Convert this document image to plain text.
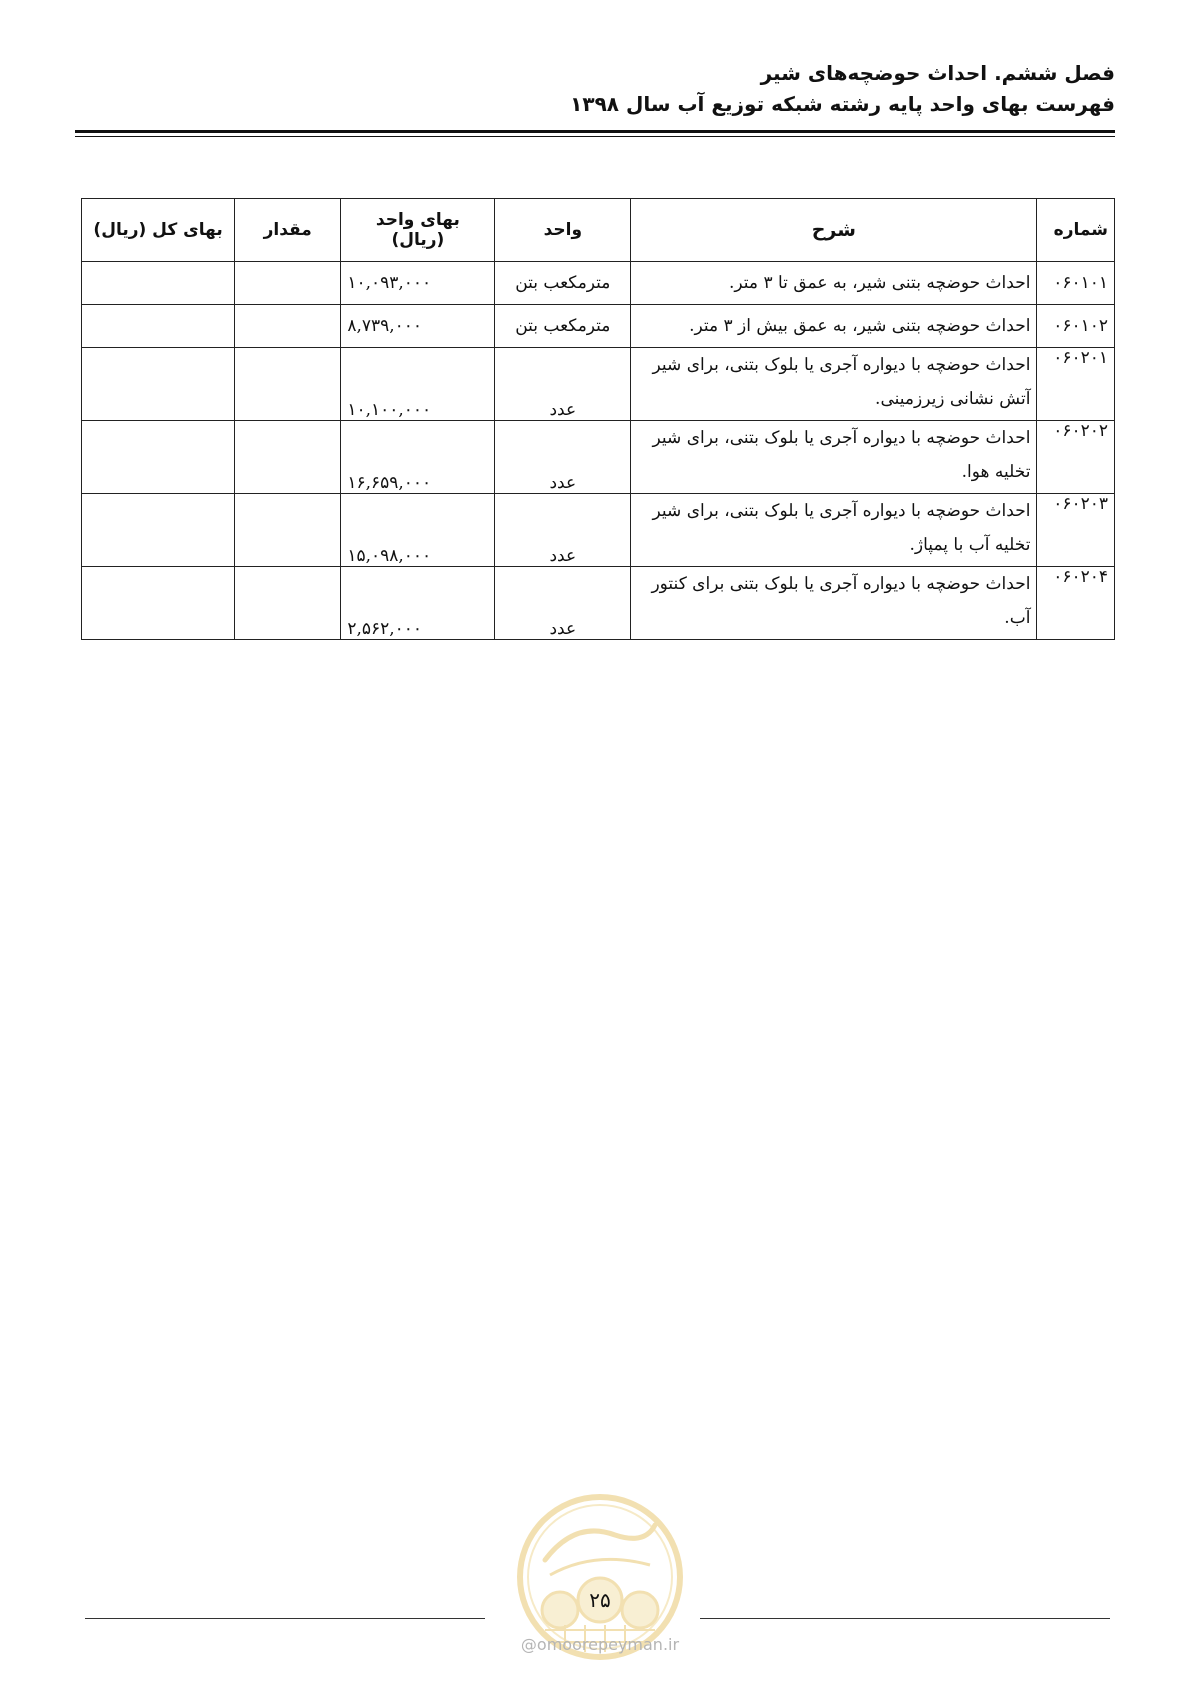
فصل ششم. احداث حوضچه‌های شیر
فهرست بهای واحد پایه رشته شبکه توزیع آب سال ۱۳۹۸
شماره	شرح	واحد	بهای واحد (ریال)	مقدار	بهای کل (ریال)
۰۶۰۱۰۱	احداث حوضچه بتنی شیر، به عمق تا ۳ متر.	مترمکعب بتن	۱۰,۰۹۳,۰۰۰		
۰۶۰۱۰۲	احداث حوضچه بتنی شیر، به عمق بیش از ۳ متر.	مترمکعب بتن	۸,۷۳۹,۰۰۰		
۰۶۰۲۰۱	احداث حوضچه با دیواره آجری یا بلوک بتنی، برای شیر آتش نشانی زیرزمینی.	عدد	۱۰,۱۰۰,۰۰۰		
۰۶۰۲۰۲	احداث حوضچه با دیواره آجری یا بلوک بتنی، برای شیر تخلیه هوا.	عدد	۱۶,۶۵۹,۰۰۰		
۰۶۰۲۰۳	احداث حوضچه با دیواره آجری یا بلوک بتنی، برای شیر تخلیه آب با پمپاژ.	عدد	۱۵,۰۹۸,۰۰۰		
۰۶۰۲۰۴	احداث حوضچه با دیواره آجری یا بلوک بتنی برای کنتور آب.	عدد	۲,۵۶۲,۰۰۰		
۲۵
@omoorepeyman.ir
